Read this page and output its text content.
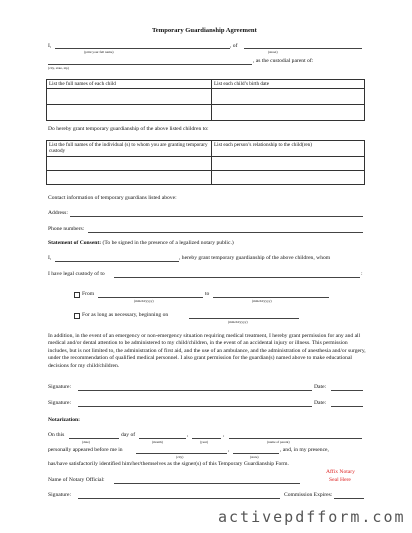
Temporary Guardianship Agreement
I,	, of
(print your full name)	(street)
, as the custodial parent of:
(city, state, zip)
List the full names of each child	List each child’s birth date

Do hereby grant temporary guardianship of the above listed children to:
List the full names of the individual (s) to whom you are granting temporary custody	List each person’s relationship to the child(ren)

Contact information of temporary guardians listed above:
Address:
Phone numbers:
Statement of Consent: (To be signed in the presence of a legalized notary public.)
I,	, hereby grant temporary guardianship of the above children, whom
I have legal custody of to	:
From	to
(mm/dd/yyyy)	(mm/dd/yyyy)
For as long as necessary, beginning on
(mm/dd/yyyy)
In addition, in the event of an emergency or non-emergency situation requiring medical treatment, I hereby grant permission for any and all medical and/or dental attention to be administered to my child/children, in the event of an accidental injury or illness. This permission includes, but is not limited to, the administration of first aid, and the use of an ambulance, and the administration of anesthesia and/or surgery, under the recommendation of qualified medical personnel. I also grant permission for the guardian(s) named above to make educational decisions for my child/children.
Signature:	Date:
Signature:	Date:
Notarization:
On this	day of	,	,
(date)	(month)	(year)	(name of parent)
personally appeared before me in	,	, and, in my presence,
(city)	(state)
has/have satisfactorily identified him/her/themselves as the signer(s) of this Temporary Guardianship Form.
Name of Notary Official:
Affix Notary
Seal Here
Signature:	Commission Expires:
activepdfform.com
